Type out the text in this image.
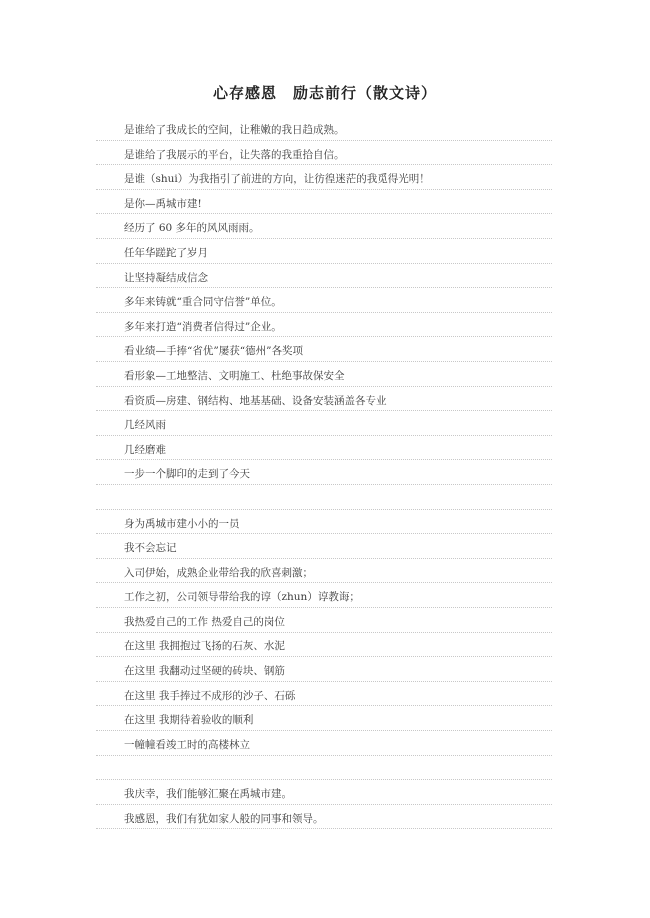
心存感恩　励志前行（散文诗）
是谁给了我成长的空间，让稚嫩的我日趋成熟。
是谁给了我展示的平台，让失落的我重拾自信。
是谁（shui）为我指引了前进的方向，让彷徨迷茫的我觅得光明！
是你—禹城市建!
经历了 60 多年的风风雨雨。
任年华蹉跎了岁月
让坚持凝结成信念
多年来铸就“重合同守信誉”单位。
多年来打造“消费者信得过”企业。
看业绩—手捧“省优”屡获“德州”各奖项
看形象—工地整洁、文明施工、杜绝事故保安全
看资质—房建、钢结构、地基基础、设备安装涵盖各专业
几经风雨
几经磨难
一步一个脚印的走到了今天
身为禹城市建小小的一员
我不会忘记
入司伊始，成熟企业带给我的欣喜刺激；
工作之初，公司领导带给我的谆（zhun）谆教诲；
我热爱自己的工作 热爱自己的岗位
在这里 我拥抱过飞扬的石灰、水泥
在这里 我翻动过坚硬的砖块、钢筋
在这里 我手捧过不成形的沙子、石砾
在这里 我期待着验收的顺利
一幢幢看竣工时的高楼林立
我庆幸，我们能够汇聚在禹城市建。
我感恩，我们有犹如家人般的同事和领导。
